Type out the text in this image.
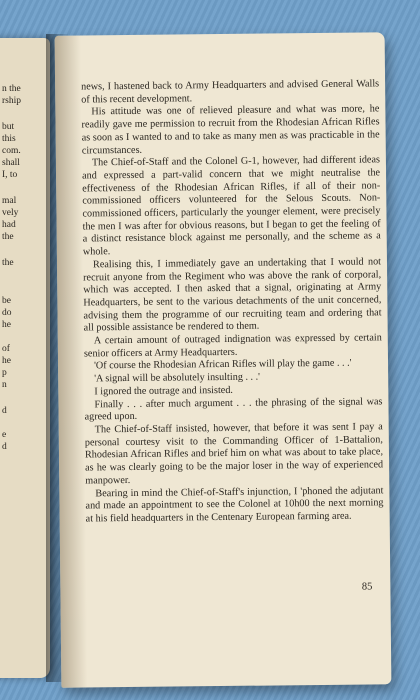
n the
rship
but
this
com.
shall
I, to
mal
vely
had
the
the
be
do
he
of
he
p
n
d
e
d

news, I hastened back to Army Headquarters and advised General Walls of this recent development.

His attitude was one of relieved pleasure and what was more, he readily gave me permission to recruit from the Rhodesian African Rifles as soon as I wanted to and to take as many men as was practicable in the circumstances.

The Chief-of-Staff and the Colonel G-1, however, had different ideas and expressed a part-valid concern that we might neutralise the effectiveness of the Rhodesian African Rifles, if all of their non-commissioned officers volunteered for the Selous Scouts. Non-commissioned officers, particularly the younger element, were precisely the men I was after for obvious reasons, but I began to get the feeling of a distinct resistance block against me personally, and the scheme as a whole.

Realising this, I immediately gave an undertaking that I would not recruit anyone from the Regiment who was above the rank of corporal, which was accepted. I then asked that a signal, originating at Army Headquarters, be sent to the various detachments of the unit concerned, advising them the programme of our recruiting team and ordering that all possible assistance be rendered to them.

A certain amount of outraged indignation was expressed by certain senior officers at Army Headquarters.

'Of course the Rhodesian African Rifles will play the game . . .'

'A signal will be absolutely insulting . . .'

I ignored the outrage and insisted.

Finally . . . after much argument . . . the phrasing of the signal was agreed upon.

The Chief-of-Staff insisted, however, that before it was sent I pay a personal courtesy visit to the Commanding Officer of 1-Battalion, Rhodesian African Rifles and brief him on what was about to take place, as he was clearly going to be the major loser in the way of experienced manpower.

Bearing in mind the Chief-of-Staff's injunction, I 'phoned the adjutant and made an appointment to see the Colonel at 10h00 the next morning at his field headquarters in the Centenary European farming area.

85
